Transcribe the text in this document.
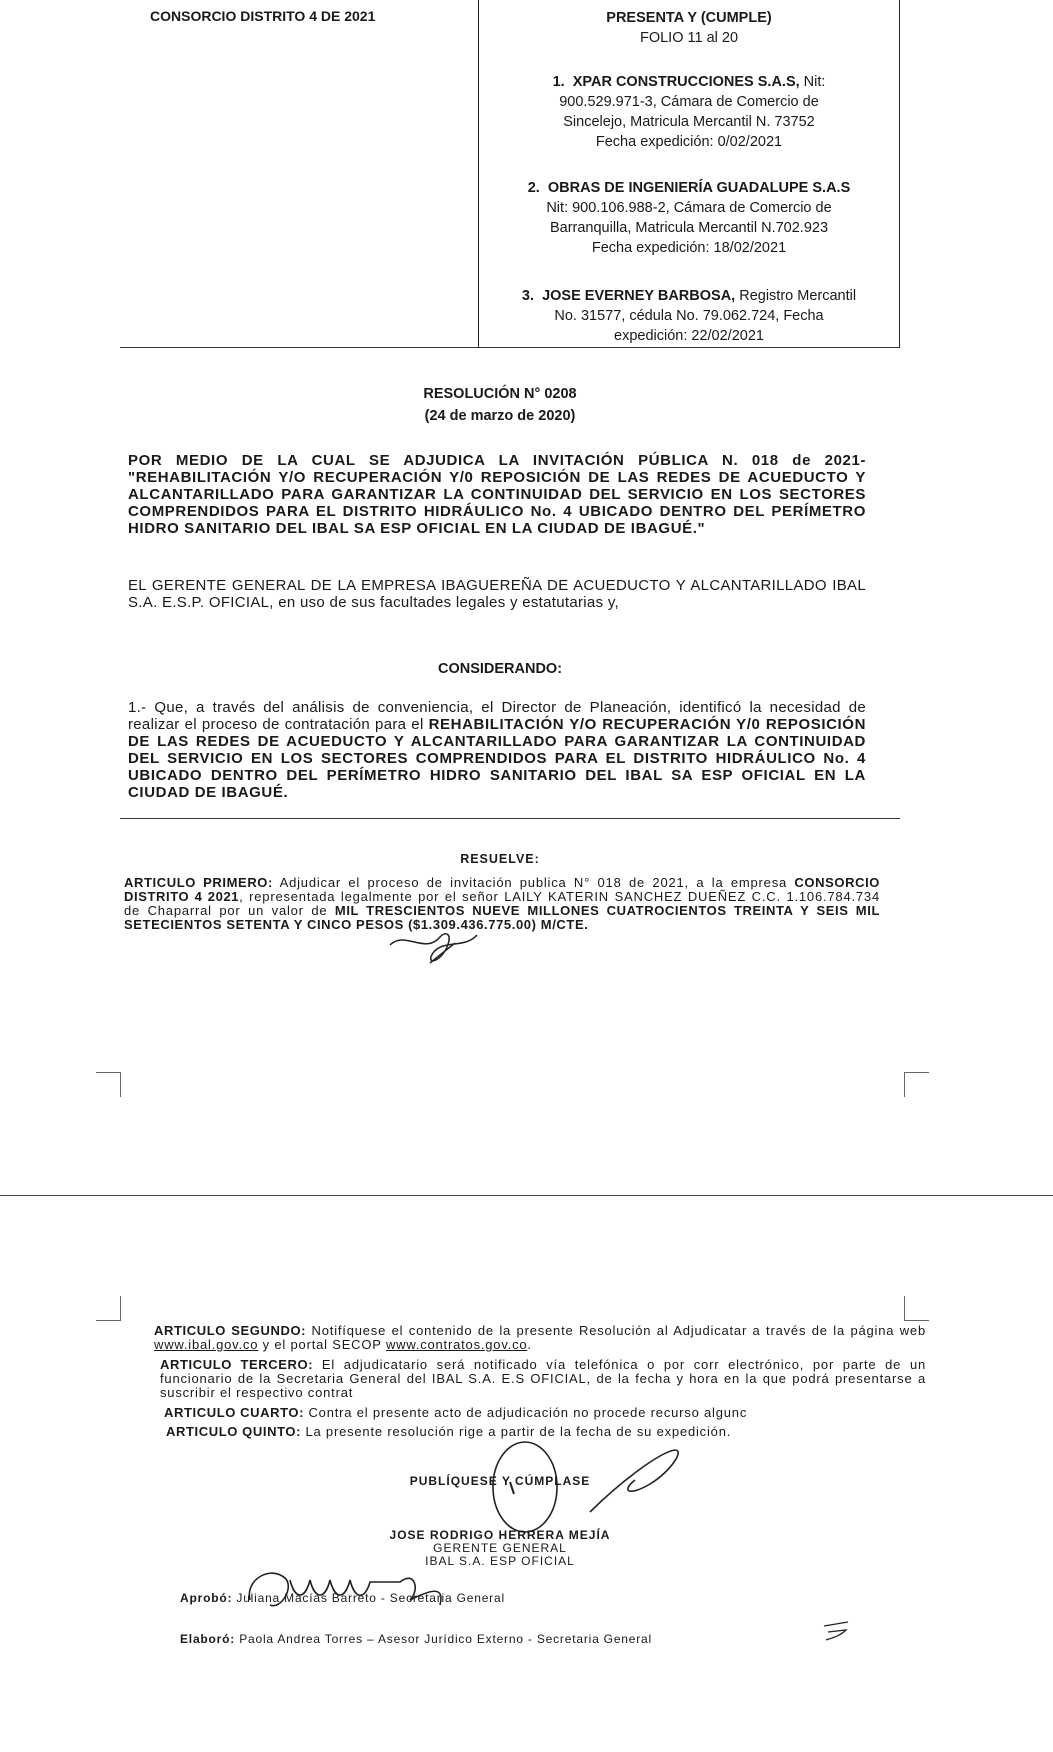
CONSORCIO DISTRITO 4 DE 2021	PRESENTA Y (CUMPLE)
FOLIO 11 al 20
1. XPAR CONSTRUCCIONES S.A.S, Nit:
900.529.971-3, Cámara de Comercio de
Sincelejo, Matricula Mercantil N. 73752
Fecha expedición: 0/02/2021
2. OBRAS DE INGENIERÍA GUADALUPE S.A.S
Nit: 900.106.988-2, Cámara de Comercio de
Barranquilla, Matricula Mercantil N.702.923
Fecha expedición: 18/02/2021
3. JOSE EVERNEY BARBOSA, Registro Mercantil
No. 31577, cédula No. 79.062.724, Fecha
expedición: 22/02/2021
RESOLUCIÓN N° 0208
(24 de marzo de 2020)
POR MEDIO DE LA CUAL SE ADJUDICA LA INVITACIÓN PÚBLICA N. 018 de 2021- "REHABILITACIÓN Y/O RECUPERACIÓN Y/0 REPOSICIÓN DE LAS REDES DE ACUEDUCTO Y ALCANTARILLADO PARA GARANTIZAR LA CONTINUIDAD DEL SERVICIO EN LOS SECTORES COMPRENDIDOS PARA EL DISTRITO HIDRÁULICO No. 4 UBICADO DENTRO DEL PERÍMETRO HIDRO SANITARIO DEL IBAL SA ESP OFICIAL EN LA CIUDAD DE IBAGUÉ."
EL GERENTE GENERAL DE LA EMPRESA IBAGUEREÑA DE ACUEDUCTO Y ALCANTARILLADO IBAL S.A. E.S.P. OFICIAL, en uso de sus facultades legales y estatutarias y,
CONSIDERANDO:
1.- Que, a través del análisis de conveniencia, el Director de Planeación, identificó la necesidad de realizar el proceso de contratación para el REHABILITACIÓN Y/O RECUPERACIÓN Y/0 REPOSICIÓN DE LAS REDES DE ACUEDUCTO Y ALCANTARILLADO PARA GARANTIZAR LA CONTINUIDAD DEL SERVICIO EN LOS SECTORES COMPRENDIDOS PARA EL DISTRITO HIDRÁULICO No. 4 UBICADO DENTRO DEL PERÍMETRO HIDRO SANITARIO DEL IBAL SA ESP OFICIAL EN LA CIUDAD DE IBAGUÉ.
RESUELVE:
ARTICULO PRIMERO: Adjudicar el proceso de invitación publica N° 018 de 2021, a la empresa CONSORCIO DISTRITO 4 2021, representada legalmente por el señor LAILY KATERIN SANCHEZ DUEÑEZ C.C. 1.106.784.734 de Chaparral por un valor de MIL TRESCIENTOS NUEVE MILLONES CUATROCIENTOS TREINTA Y SEIS MIL SETECIENTOS SETENTA Y CINCO PESOS ($1.309.436.775.00) M/CTE.
ARTICULO SEGUNDO: Notifíquese el contenido de la presente Resolución al Adjudicatar a través de la página web www.ibal.gov.co y el portal SECOP www.contratos.gov.co.
ARTICULO TERCERO: El adjudicatario será notificado vía telefónica o por corr electrónico, por parte de un funcionario de la Secretaria General del IBAL S.A. E.S OFICIAL, de la fecha y hora en la que podrá presentarse a suscribir el respectivo contrat
ARTICULO CUARTO: Contra el presente acto de adjudicación no procede recurso algunc
ARTICULO QUINTO: La presente resolución rige a partir de la fecha de su expedición.
PUBLÍQUESE Y CÚMPLASE
JOSE RODRIGO HERRERA MEJÍA
GERENTE GENERAL
IBAL S.A. ESP OFICIAL
Aprobó: Juliana Macías Barreto - Secretaria General
Elaboró: Paola Andrea Torres – Asesor Jurídico Externo - Secretaria General
